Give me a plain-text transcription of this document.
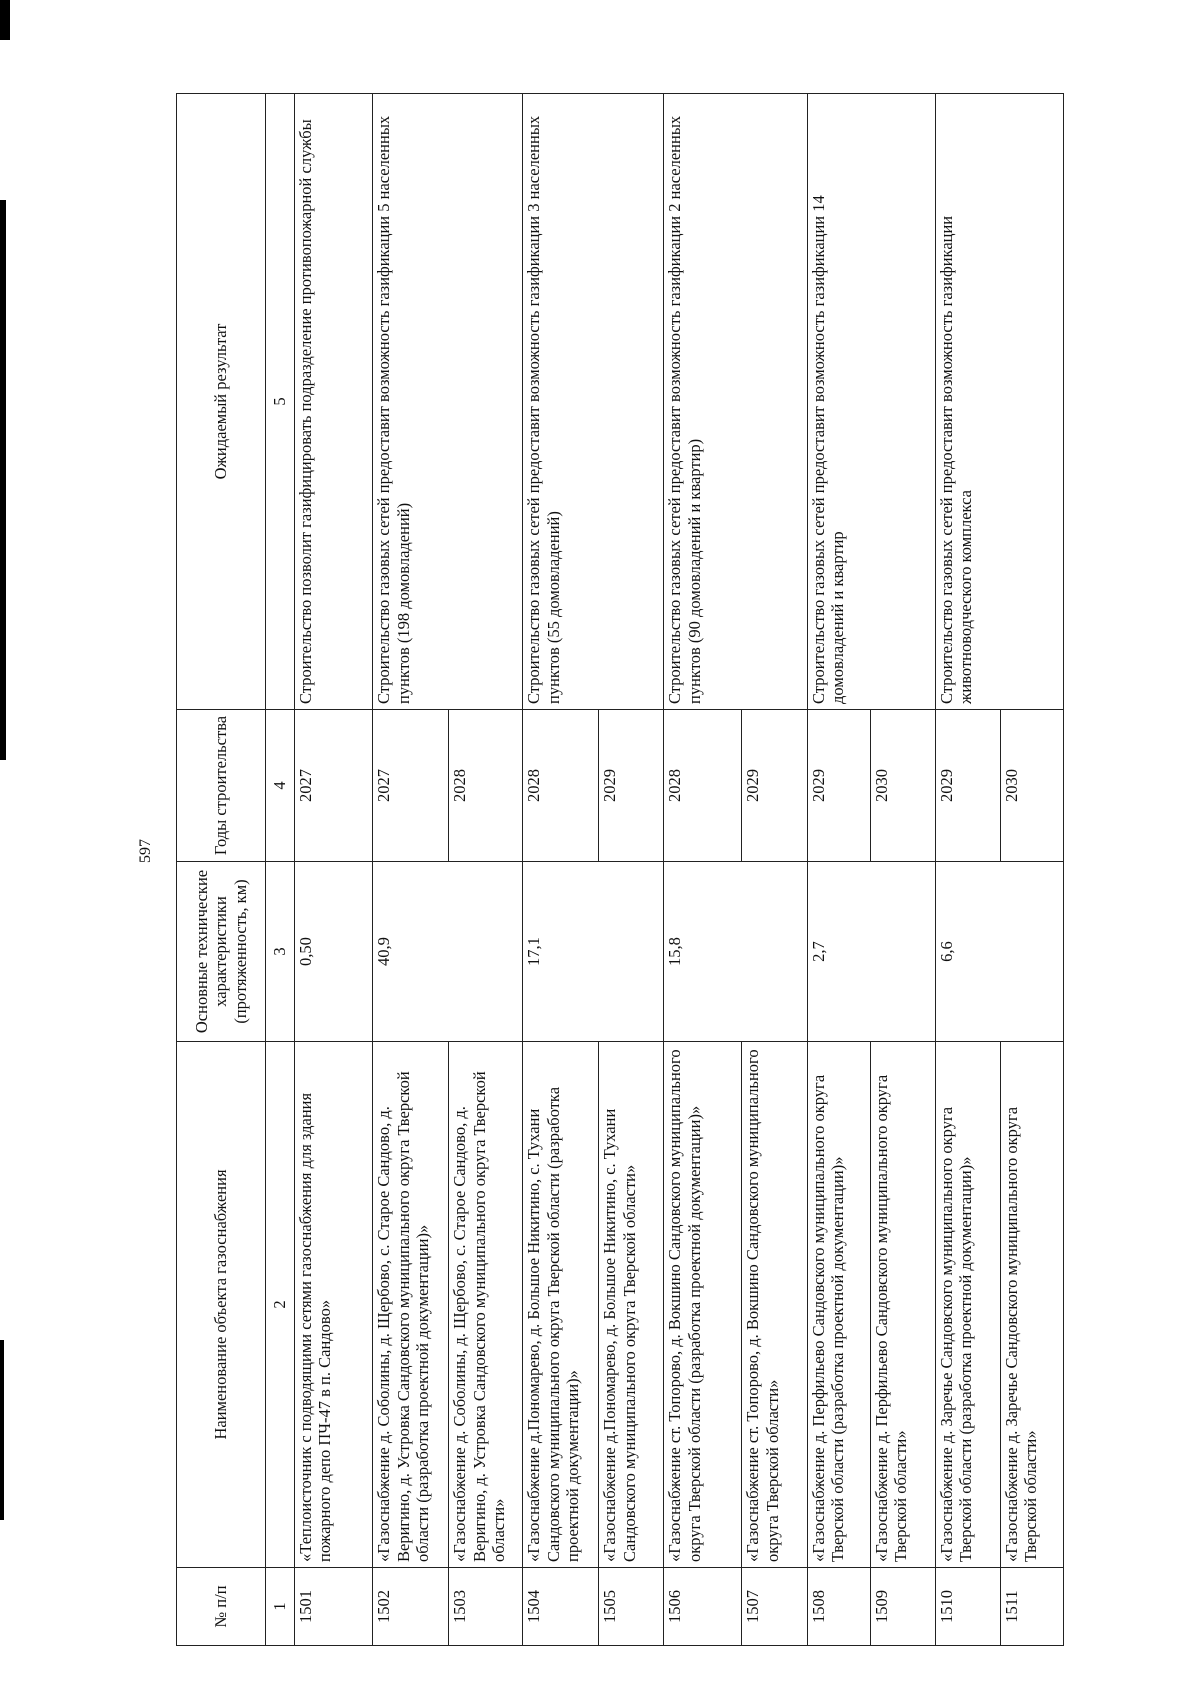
597
№ п/п	Наименование объекта газоснабжения	Основные технические характеристики (протяженность, км)	Годы строительства	Ожидаемый результат
1	2	3	4	5
1501	«Теплоисточник с подводящими сетями газоснабжения для здания пожарного депо ПЧ-47 в п. Сандово»	0,50	2027	Строительство позволит газифицировать подразделение противопожарной службы
1502	«Газоснабжение д. Соболины, д. Щербово, с. Старое Сандово, д. Веригино, д. Устровка Сандовского муниципального округа Тверской области (разработка проектной документации)»	40,9	2027	Строительство газовых сетей предоставит возможность газификации 5 населенных пунктов (198 домовладений)
1503	«Газоснабжение д. Соболины, д. Щербово, с. Старое Сандово, д. Веригино, д. Устровка Сандовского муниципального округа Тверской области»		2028	
1504	«Газоснабжение д.Пономарево, д. Большое Никитино, с. Тухани Сандовского муниципального округа Тверской области (разработка проектной документации)»	17,1	2028	Строительство газовых сетей предоставит возможность газификации 3 населенных пунктов (55 домовладений)
1505	«Газоснабжение д.Пономарево, д. Большое Никитино, с. Тухани Сандовского муниципального округа Тверской области»		2029	
1506	«Газоснабжение ст. Топорово, д. Вокшино Сандовского муниципального округа Тверской области (разработка проектной документации)»	15,8	2028	Строительство газовых сетей предоставит возможность газификации 2 населенных пунктов (90 домовладений и квартир)
1507	«Газоснабжение ст. Топорово, д. Вокшино Сандовского муниципального округа Тверской области»		2029	
1508	«Газоснабжение д. Перфильево Сандовского муниципального округа Тверской области (разработка проектной документации)»	2,7	2029	Строительство газовых сетей предоставит возможность газификации 14 домовладений и квартир
1509	«Газоснабжение д. Перфильево Сандовского муниципального округа Тверской области»		2030	
1510	«Газоснабжение д. Заречье Сандовского муниципального округа Тверской области (разработка проектной документации)»	6,6	2029	Строительство газовых сетей предоставит возможность газификации животноводческого комплекса
1511	«Газоснабжение д. Заречье Сандовского муниципального округа Тверской области»		2030	
